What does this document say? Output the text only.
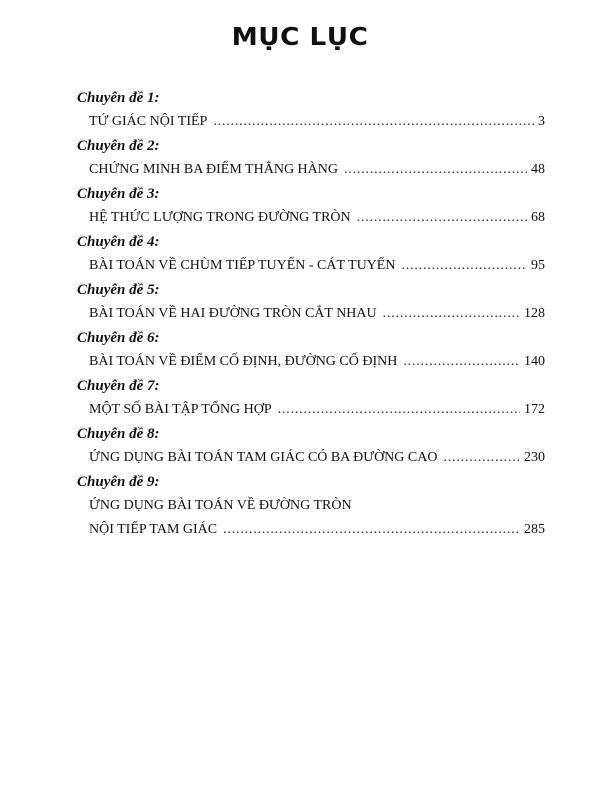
MỤC LỤC
Chuyên đề 1:
TỨ GIÁC NỘI TIẾP .....	3
Chuyên đề 2:
CHỨNG MINH BA ĐIỂM THẲNG HÀNG .....	48
Chuyên đề 3:
HỆ THỨC LƯỢNG TRONG ĐƯỜNG TRÒN .....	68
Chuyên đề 4:
BÀI TOÁN VỀ CHÙM TIẾP TUYẾN - CÁT TUYẾN .....	95
Chuyên đề 5:
BÀI TOÁN VỀ HAI ĐƯỜNG TRÒN CẮT NHAU .....	128
Chuyên đề 6:
BÀI TOÁN VỀ ĐIỂM CỐ ĐỊNH, ĐƯỜNG CỐ ĐỊNH .....	140
Chuyên đề 7:
MỘT SỐ BÀI TẬP TỔNG HỢP .....	172
Chuyên đề 8:
ỨNG DỤNG BÀI TOÁN TAM GIÁC CÓ BA ĐƯỜNG CAO .....	230
Chuyên đề 9:
ỨNG DỤNG BÀI TOÁN VỀ ĐƯỜNG TRÒN
NỘI TIẾP TAM GIÁC .....	285
